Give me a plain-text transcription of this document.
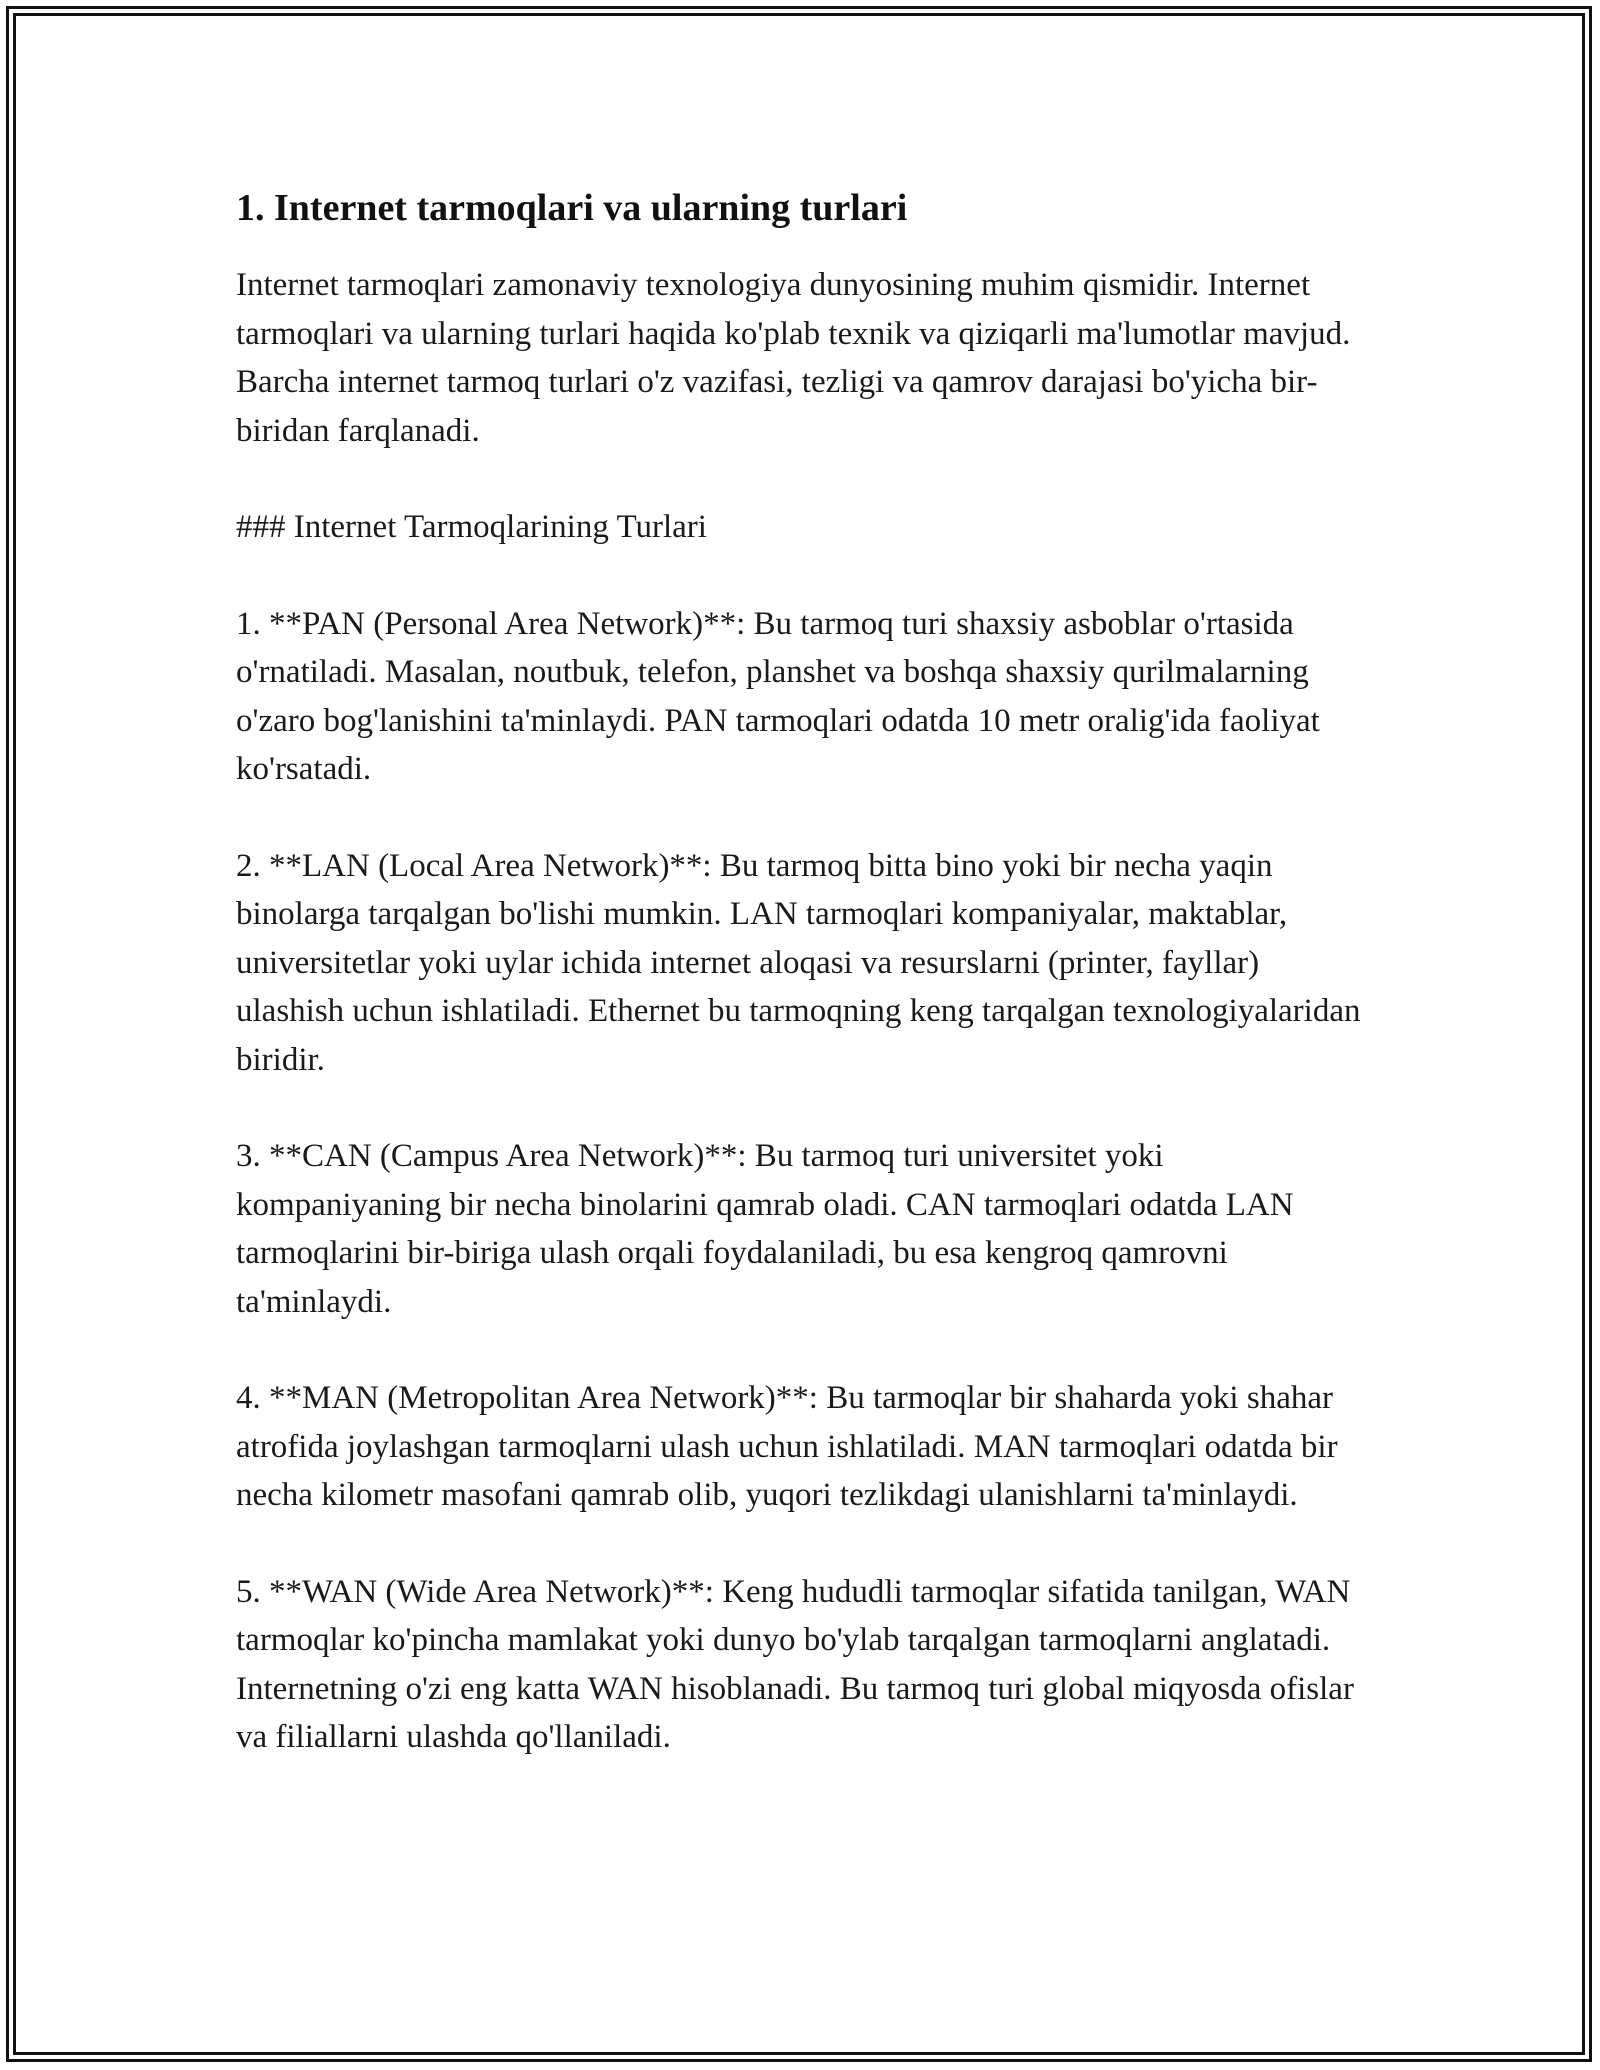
1. Internet tarmoqlari va ularning turlari

Internet tarmoqlari zamonaviy texnologiya dunyosining muhim qismidir. Internet tarmoqlari va ularning turlari haqida ko'plab texnik va qiziqarli ma'lumotlar mavjud. Barcha internet tarmoq turlari o'z vazifasi, tezligi va qamrov darajasi bo'yicha bir-biridan farqlanadi.

### Internet Tarmoqlarining Turlari

1. **PAN (Personal Area Network)**: Bu tarmoq turi shaxsiy asboblar o'rtasida o'rnatiladi. Masalan, noutbuk, telefon, planshet va boshqa shaxsiy qurilmalarning o'zaro bog'lanishini ta'minlaydi. PAN tarmoqlari odatda 10 metr oralig'ida faoliyat ko'rsatadi.

2. **LAN (Local Area Network)**: Bu tarmoq bitta bino yoki bir necha yaqin binolarga tarqalgan bo'lishi mumkin. LAN tarmoqlari kompaniyalar, maktablar, universitetlar yoki uylar ichida internet aloqasi va resurslarni (printer, fayllar) ulashish uchun ishlatiladi. Ethernet bu tarmoqning keng tarqalgan texnologiyalaridan biridir.

3. **CAN (Campus Area Network)**: Bu tarmoq turi universitet yoki kompaniyaning bir necha binolarini qamrab oladi. CAN tarmoqlari odatda LAN tarmoqlarini bir-biriga ulash orqali foydalaniladi, bu esa kengroq qamrovni ta'minlaydi.

4. **MAN (Metropolitan Area Network)**: Bu tarmoqlar bir shaharda yoki shahar atrofida joylashgan tarmoqlarni ulash uchun ishlatiladi. MAN tarmoqlari odatda bir necha kilometr masofani qamrab olib, yuqori tezlikdagi ulanishlarni ta'minlaydi.

5. **WAN (Wide Area Network)**: Keng hududli tarmoqlar sifatida tanilgan, WAN tarmoqlar ko'pincha mamlakat yoki dunyo bo'ylab tarqalgan tarmoqlarni anglatadi. Internetning o'zi eng katta WAN hisoblanadi. Bu tarmoq turi global miqyosda ofislar va filiallarni ulashda qo'llaniladi.
